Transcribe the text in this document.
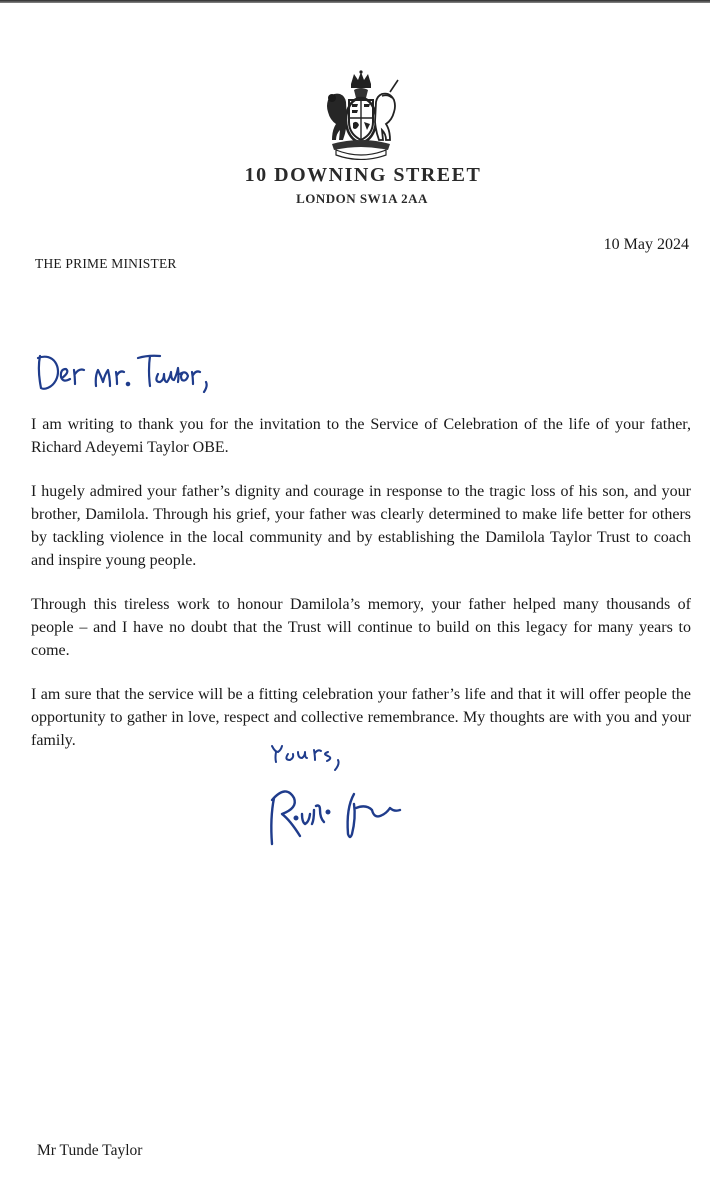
10 DOWNING STREET
LONDON SW1A 2AA
10 May 2024
THE PRIME MINISTER

I am writing to thank you for the invitation to the Service of Celebration of the life of your father, Richard Adeyemi Taylor OBE.

I hugely admired your father’s dignity and courage in response to the tragic loss of his son, and your brother, Damilola. Through his grief, your father was clearly determined to make life better for others by tackling violence in the local community and by establishing the Damilola Taylor Trust to coach and inspire young people.

Through this tireless work to honour Damilola’s memory, your father helped many thousands of people – and I have no doubt that the Trust will continue to build on this legacy for many years to come.

I am sure that the service will be a fitting celebration your father’s life and that it will offer people the opportunity to gather in love, respect and collective remembrance. My thoughts are with you and your family.

Mr Tunde Taylor
